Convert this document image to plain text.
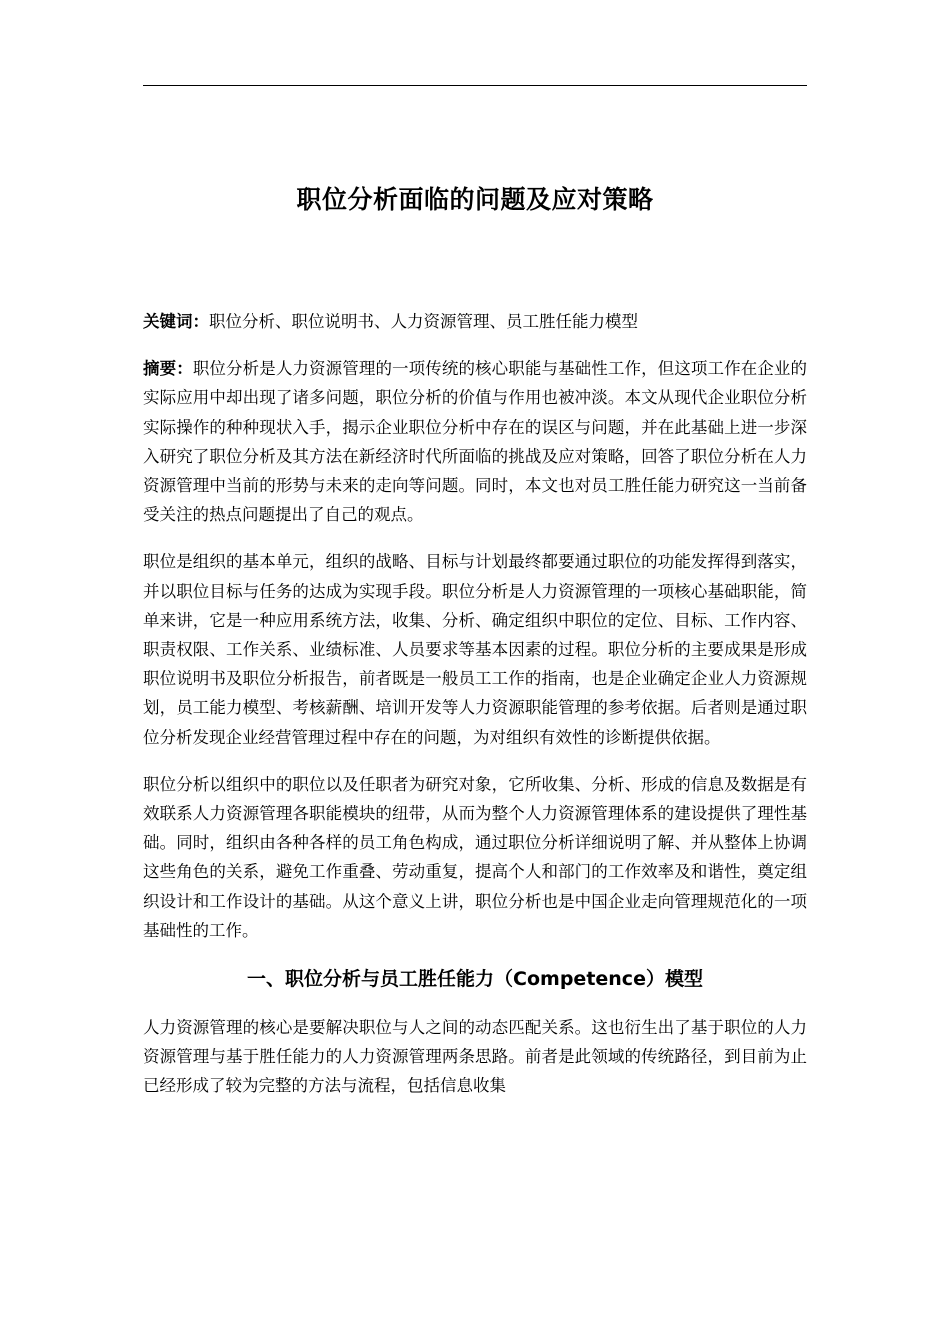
职位分析面临的问题及应对策略

关键词：职位分析、职位说明书、人力资源管理、员工胜任能力模型

摘要：职位分析是人力资源管理的一项传统的核心职能与基础性工作，但这项工作在企业的实际应用中却出现了诸多问题，职位分析的价值与作用也被冲淡。本文从现代企业职位分析实际操作的种种现状入手，揭示企业职位分析中存在的误区与问题，并在此基础上进一步深入研究了职位分析及其方法在新经济时代所面临的挑战及应对策略，回答了职位分析在人力资源管理中当前的形势与未来的走向等问题。同时，本文也对员工胜任能力研究这一当前备受关注的热点问题提出了自己的观点。

职位是组织的基本单元，组织的战略、目标与计划最终都要通过职位的功能发挥得到落实，并以职位目标与任务的达成为实现手段。职位分析是人力资源管理的一项核心基础职能，简单来讲，它是一种应用系统方法，收集、分析、确定组织中职位的定位、目标、工作内容、职责权限、工作关系、业绩标准、人员要求等基本因素的过程。职位分析的主要成果是形成职位说明书及职位分析报告，前者既是一般员工工作的指南，也是企业确定企业人力资源规划，员工能力模型、考核薪酬、培训开发等人力资源职能管理的参考依据。后者则是通过职位分析发现企业经营管理过程中存在的问题，为对组织有效性的诊断提供依据。

职位分析以组织中的职位以及任职者为研究对象，它所收集、分析、形成的信息及数据是有效联系人力资源管理各职能模块的纽带，从而为整个人力资源管理体系的建设提供了理性基础。同时，组织由各种各样的员工角色构成，通过职位分析详细说明了解、并从整体上协调这些角色的关系，避免工作重叠、劳动重复，提高个人和部门的工作效率及和谐性，奠定组织设计和工作设计的基础。从这个意义上讲，职位分析也是中国企业走向管理规范化的一项基础性的工作。

一、职位分析与员工胜任能力（Competence）模型

人力资源管理的核心是要解决职位与人之间的动态匹配关系。这也衍生出了基于职位的人力资源管理与基于胜任能力的人力资源管理两条思路。前者是此领域的传统路径，到目前为止已经形成了较为完整的方法与流程，包括信息收集
